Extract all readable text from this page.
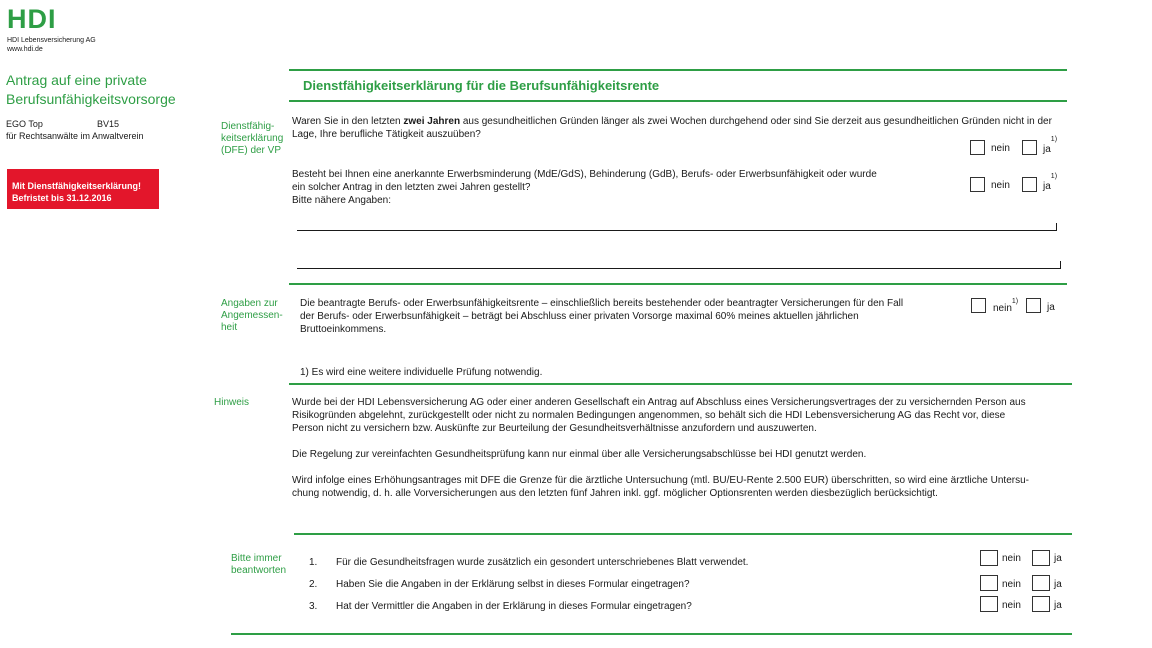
HDI
HDI Lebensversicherung AG
www.hdi.de
Antrag auf eine private
Berufsunfähigkeitsvorsorge
EGO Top	BV15
für Rechtsanwälte im Anwaltverein
Mit Dienstfähigkeitserklärung!
Befristet bis 31.12.2016
Dienstfähigkeitserklärung für die Berufsunfähigkeitsrente
Dienstfähig-
keitserklärung
(DFE) der VP
Waren Sie in den letzten zwei Jahren aus gesundheitlichen Gründen länger als zwei Wochen durchgehend oder sind Sie derzeit aus gesundheitlichen Gründen nicht in der
Lage, Ihre berufliche Tätigkeit auszuüben?
nein	$ja^{1)}$
Besteht bei Ihnen eine anerkannte Erwerbsminderung (MdE/GdS), Behinderung (GdB), Berufs- oder Erwerbsunfähigkeit oder wurde
ein solcher Antrag in den letzten zwei Jahren gestellt?
Bitte nähere Angaben:
nein	$ja^{1)}$
Angaben zur
Angemessen-
heit
Die beantragte Berufs- oder Erwerbsunfähigkeitsrente – einschließlich bereits bestehender oder beantragter Versicherungen für den Fall
der Berufs- oder Erwerbsunfähigkeit – beträgt bei Abschluss einer privaten Vorsorge maximal 60% meines aktuellen jährlichen
Bruttoeinkommens.
nein$^{1)}$
ja
1) Es wird eine weitere individuelle Prüfung notwendig.
Hinweis	Wurde bei der HDI Lebensversicherung AG oder einer anderen Gesellschaft ein Antrag auf Abschluss eines Versicherungsvertrages der zu versichernden Person aus
Risikogründen abgelehnt, zurückgestellt oder nicht zu normalen Bedingungen angenommen, so behält sich die HDI Lebensversicherung AG das Recht vor, diese
Person nicht zu versichern bzw. Auskünfte zur Beurteilung der Gesundheitsverhältnisse anzufordern und auszuwerten.
Die Regelung zur vereinfachten Gesundheitsprüfung kann nur einmal über alle Versicherungsabschlüsse bei HDI genutzt werden.
Wird infolge eines Erhöhungsantrages mit DFE die Grenze für die ärztliche Untersuchung (mtl. BU/EU-Rente 2.500 EUR) überschritten, so wird eine ärztliche Untersu-
chung notwendig, d. h. alle Vorversicherungen aus den letzten fünf Jahren inkl. ggf. möglicher Optionsrenten werden diesbezüglich berücksichtigt.
Bitte immer
beantworten
1. Für die Gesundheitsfragen wurde zusätzlich ein gesondert unterschriebenes Blatt verwendet.	nein	ja
2. Haben Sie die Angaben in der Erklärung selbst in dieses Formular eingetragen?	nein	ja
3. Hat der Vermittler die Angaben in der Erklärung in dieses Formular eingetragen?	nein	ja
